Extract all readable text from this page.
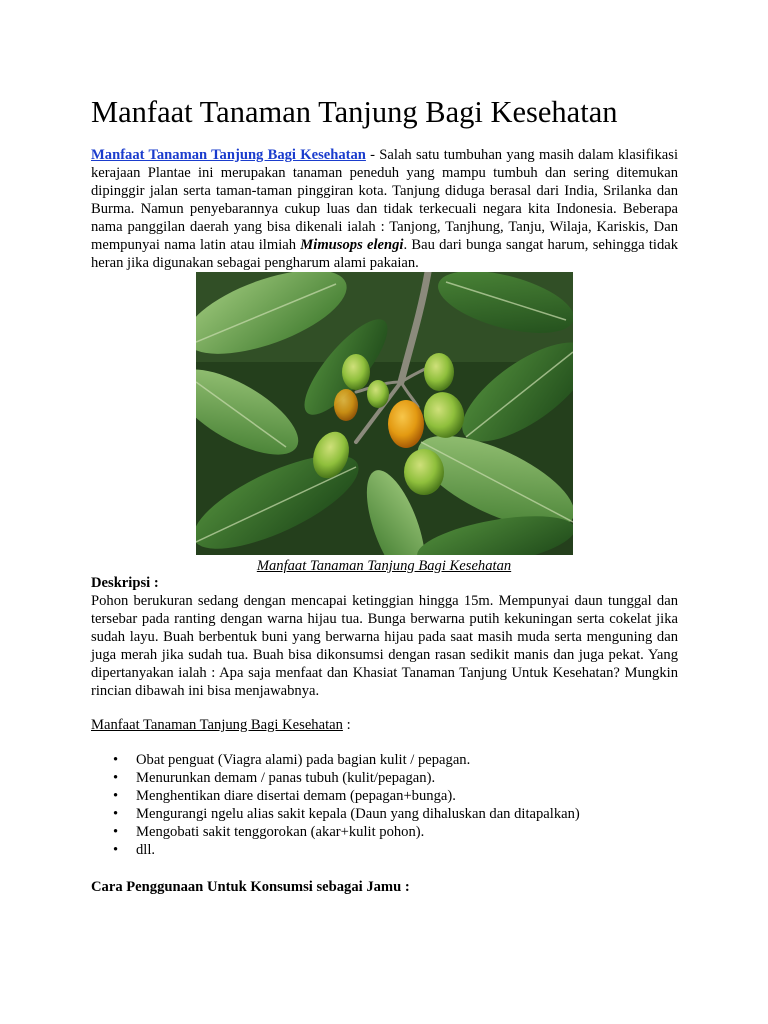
Manfaat Tanaman Tanjung Bagi Kesehatan

Manfaat Tanaman Tanjung Bagi Kesehatan - Salah satu tumbuhan yang masih dalam klasifikasi kerajaan Plantae ini merupakan tanaman peneduh yang mampu tumbuh dan sering ditemukan dipinggir jalan serta taman-taman pinggiran kota. Tanjung diduga berasal dari India, Srilanka dan Burma. Namun penyebarannya cukup luas dan tidak terkecuali negara kita Indonesia. Beberapa nama panggilan daerah yang bisa dikenali ialah : Tanjong, Tanjhung, Tanju, Wilaja, Kariskis, Dan mempunyai nama latin atau ilmiah Mimusops elengi. Bau dari bunga sangat harum, sehingga tidak heran jika digunakan sebagai pengharum alami pakaian.

Manfaat Tanaman Tanjung Bagi Kesehatan
Deskripsi :

Pohon berukuran sedang dengan mencapai ketinggian hingga 15m. Mempunyai daun tunggal dan tersebar pada ranting dengan warna hijau tua. Bunga berwarna putih kekuningan serta cokelat jika sudah layu. Buah berbentuk buni yang berwarna hijau pada saat masih muda serta menguning dan juga merah jika sudah tua. Buah bisa dikonsumsi dengan rasan sedikit manis dan juga pekat. Yang dipertanyakan ialah : Apa saja menfaat dan Khasiat Tanaman Tanjung Untuk Kesehatan? Mungkin rincian dibawah ini bisa menjawabnya.

Manfaat Tanaman Tanjung Bagi Kesehatan :
• Obat penguat (Viagra alami) pada bagian kulit / pepagan.
• Menurunkan demam / panas tubuh (kulit/pepagan).
• Menghentikan diare disertai demam (pepagan+bunga).
• Mengurangi ngelu alias sakit kepala (Daun yang dihaluskan dan ditapalkan)
• Mengobati sakit tenggorokan (akar+kulit pohon).
• dll.
Cara Penggunaan Untuk Konsumsi sebagai Jamu :
